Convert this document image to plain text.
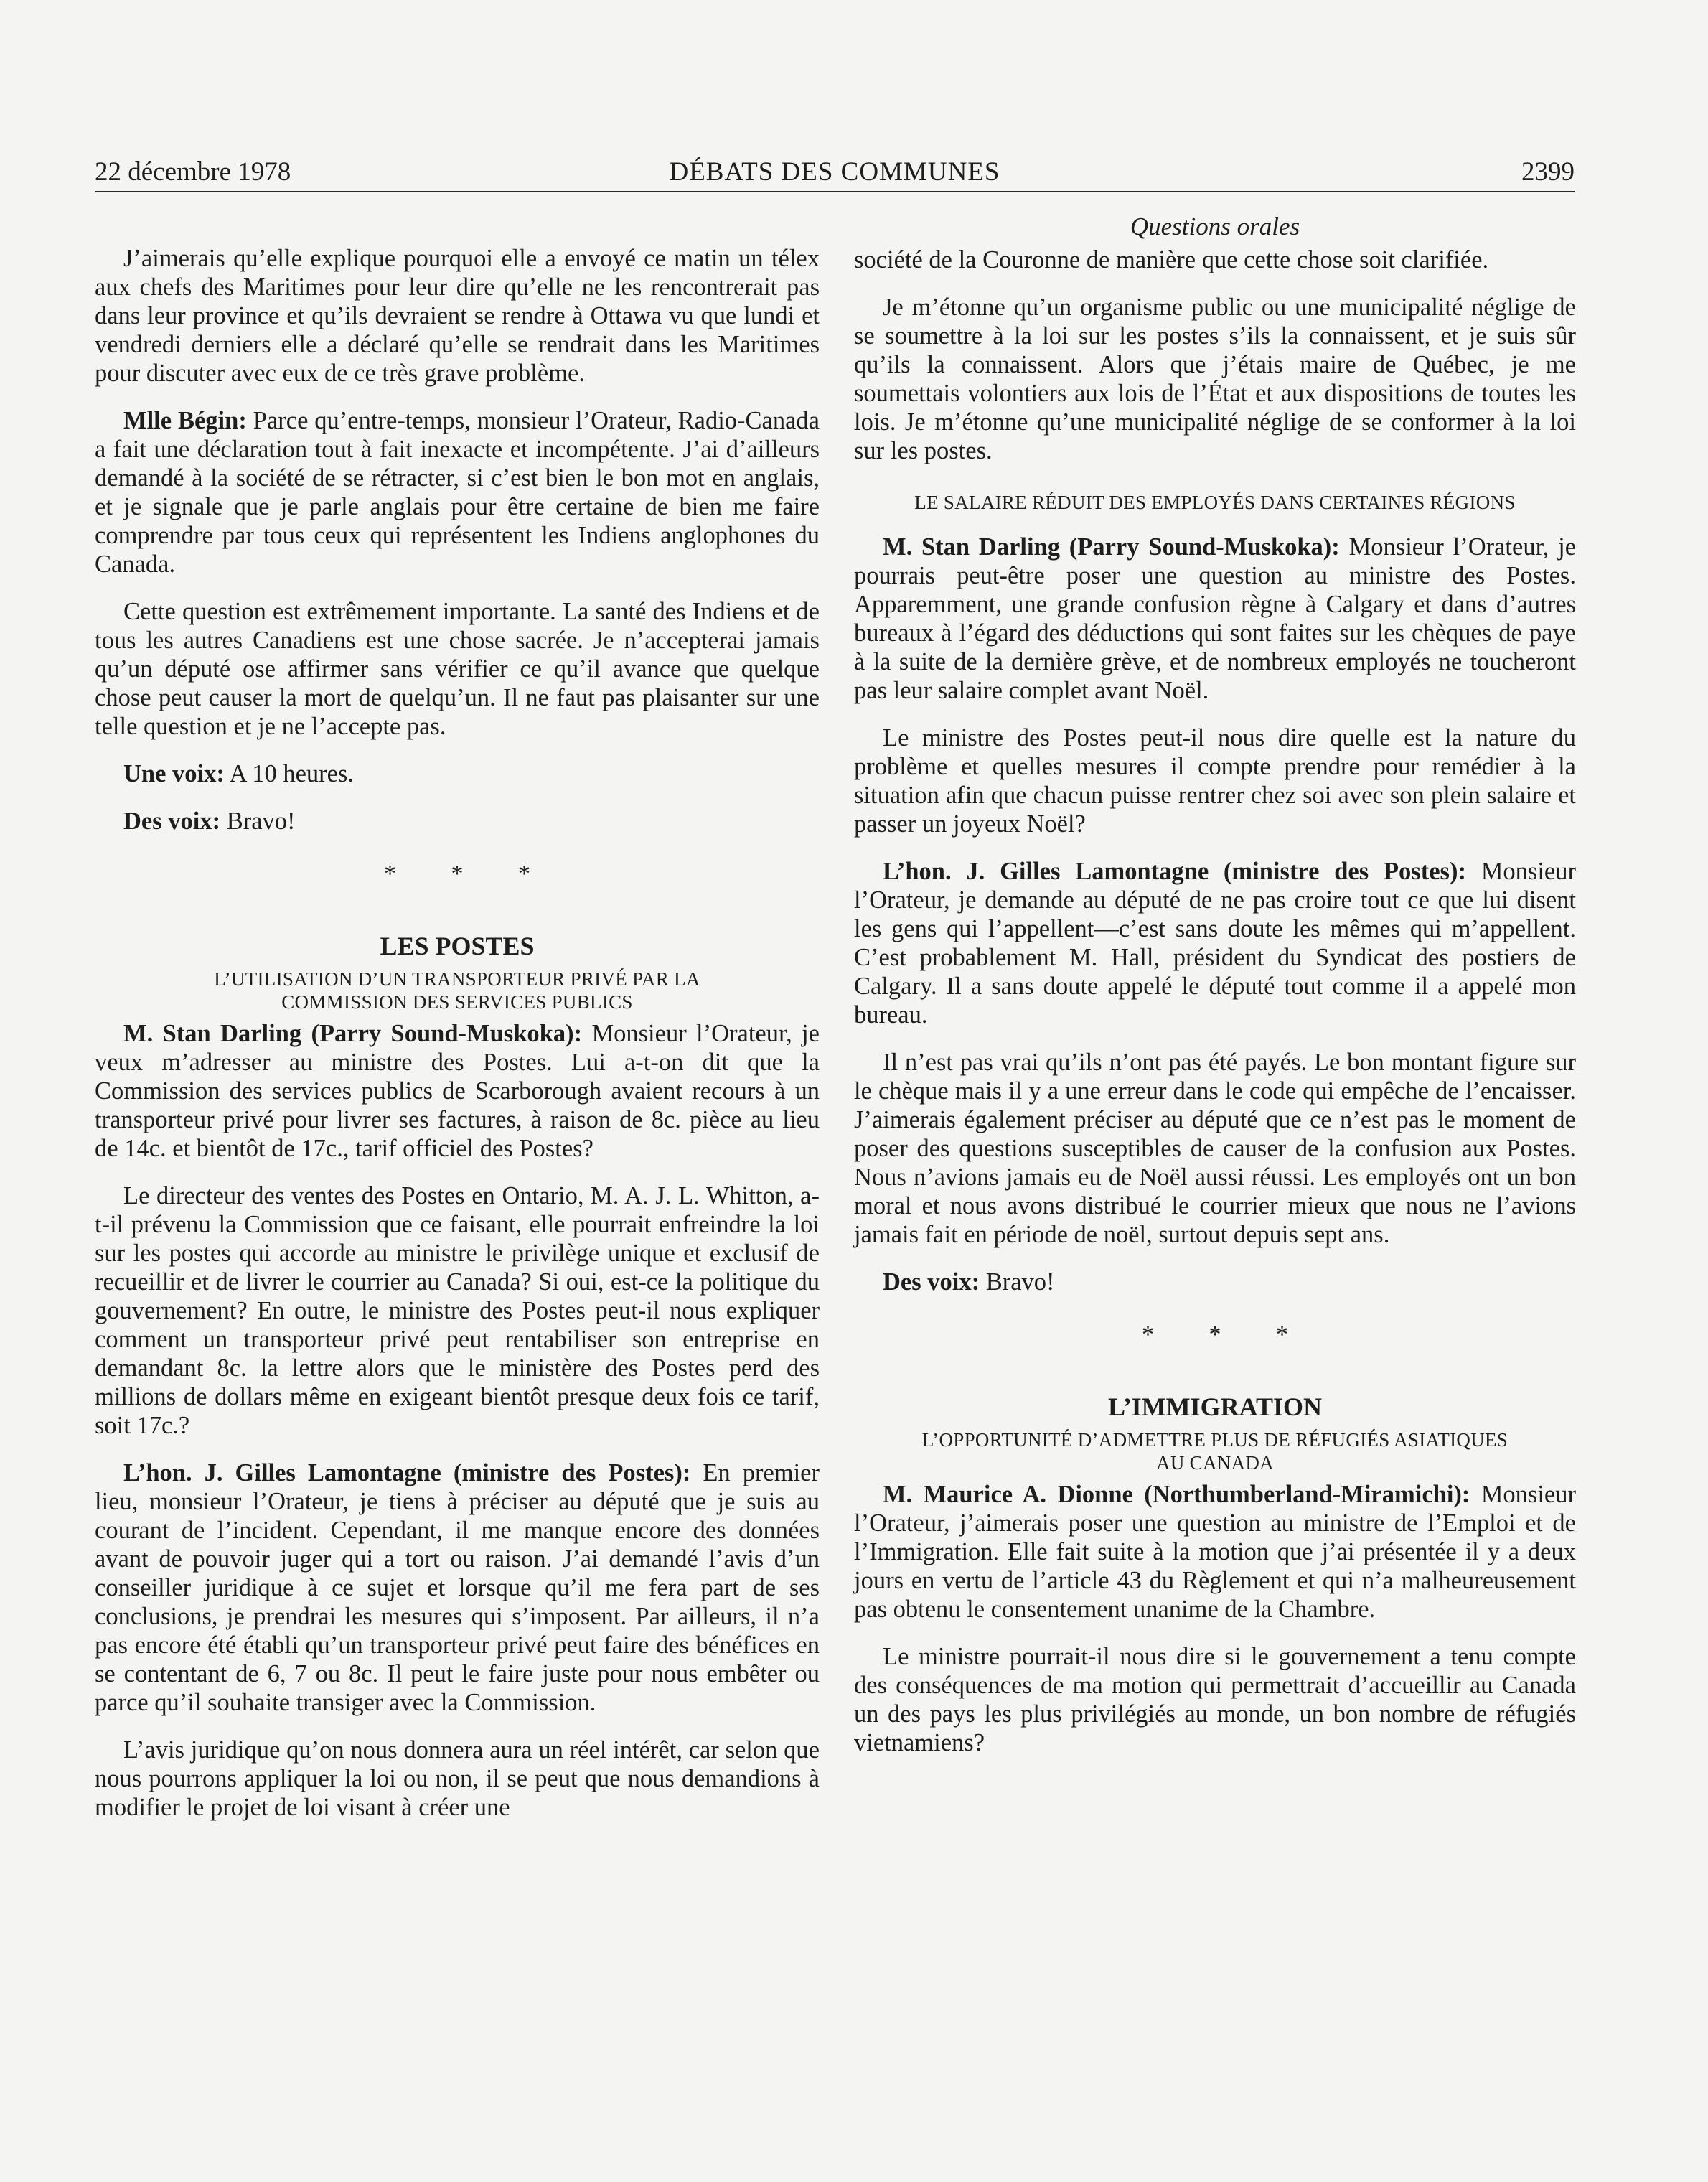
22 décembre 1978	DÉBATS DES COMMUNES	2399

J’aimerais qu’elle explique pourquoi elle a envoyé ce matin un télex aux chefs des Maritimes pour leur dire qu’elle ne les rencontrerait pas dans leur province et qu’ils devraient se rendre à Ottawa vu que lundi et vendredi derniers elle a déclaré qu’elle se rendrait dans les Maritimes pour discuter avec eux de ce très grave problème.

Mlle Bégin: Parce qu’entre-temps, monsieur l’Orateur, Radio-Canada a fait une déclaration tout à fait inexacte et incompétente. J’ai d’ailleurs demandé à la société de se rétracter, si c’est bien le bon mot en anglais, et je signale que je parle anglais pour être certaine de bien me faire comprendre par tous ceux qui représentent les Indiens anglophones du Canada.

Cette question est extrêmement importante. La santé des Indiens et de tous les autres Canadiens est une chose sacrée. Je n’accepterai jamais qu’un député ose affirmer sans vérifier ce qu’il avance que quelque chose peut causer la mort de quelqu’un. Il ne faut pas plaisanter sur une telle question et je ne l’accepte pas.

Une voix: A 10 heures.

Des voix: Bravo!

* * *
LES POSTES
L’UTILISATION D’UN TRANSPORTEUR PRIVÉ PAR LA
COMMISSION DES SERVICES PUBLICS

M. Stan Darling (Parry Sound-Muskoka): Monsieur l’Orateur, je veux m’adresser au ministre des Postes. Lui a-t-on dit que la Commission des services publics de Scarborough avaient recours à un transporteur privé pour livrer ses factures, à raison de 8c. pièce au lieu de 14c. et bientôt de 17c., tarif officiel des Postes?

Le directeur des ventes des Postes en Ontario, M. A. J. L. Whitton, a-t-il prévenu la Commission que ce faisant, elle pourrait enfreindre la loi sur les postes qui accorde au ministre le privilège unique et exclusif de recueillir et de livrer le courrier au Canada? Si oui, est-ce la politique du gouvernement? En outre, le ministre des Postes peut-il nous expliquer comment un transporteur privé peut rentabiliser son entreprise en demandant 8c. la lettre alors que le ministère des Postes perd des millions de dollars même en exigeant bientôt presque deux fois ce tarif, soit 17c.?

L’hon. J. Gilles Lamontagne (ministre des Postes): En premier lieu, monsieur l’Orateur, je tiens à préciser au député que je suis au courant de l’incident. Cependant, il me manque encore des données avant de pouvoir juger qui a tort ou raison. J’ai demandé l’avis d’un conseiller juridique à ce sujet et lorsque qu’il me fera part de ses conclusions, je prendrai les mesures qui s’imposent. Par ailleurs, il n’a pas encore été établi qu’un transporteur privé peut faire des bénéfices en se contentant de 6, 7 ou 8c. Il peut le faire juste pour nous embêter ou parce qu’il souhaite transiger avec la Commission.

L’avis juridique qu’on nous donnera aura un réel intérêt, car selon que nous pourrons appliquer la loi ou non, il se peut que nous demandions à modifier le projet de loi visant à créer une

Questions orales

société de la Couronne de manière que cette chose soit clarifiée.

Je m’étonne qu’un organisme public ou une municipalité néglige de se soumettre à la loi sur les postes s’ils la connaissent, et je suis sûr qu’ils la connaissent. Alors que j’étais maire de Québec, je me soumettais volontiers aux lois de l’État et aux dispositions de toutes les lois. Je m’étonne qu’une municipalité néglige de se conformer à la loi sur les postes.

LE SALAIRE RÉDUIT DES EMPLOYÉS DANS CERTAINES RÉGIONS

M. Stan Darling (Parry Sound-Muskoka): Monsieur l’Orateur, je pourrais peut-être poser une question au ministre des Postes. Apparemment, une grande confusion règne à Calgary et dans d’autres bureaux à l’égard des déductions qui sont faites sur les chèques de paye à la suite de la dernière grève, et de nombreux employés ne toucheront pas leur salaire complet avant Noël.

Le ministre des Postes peut-il nous dire quelle est la nature du problème et quelles mesures il compte prendre pour remédier à la situation afin que chacun puisse rentrer chez soi avec son plein salaire et passer un joyeux Noël?

L’hon. J. Gilles Lamontagne (ministre des Postes): Monsieur l’Orateur, je demande au député de ne pas croire tout ce que lui disent les gens qui l’appellent—c’est sans doute les mêmes qui m’appellent. C’est probablement M. Hall, président du Syndicat des postiers de Calgary. Il a sans doute appelé le député tout comme il a appelé mon bureau.

Il n’est pas vrai qu’ils n’ont pas été payés. Le bon montant figure sur le chèque mais il y a une erreur dans le code qui empêche de l’encaisser. J’aimerais également préciser au député que ce n’est pas le moment de poser des questions susceptibles de causer de la confusion aux Postes. Nous n’avions jamais eu de Noël aussi réussi. Les employés ont un bon moral et nous avons distribué le courrier mieux que nous ne l’avions jamais fait en période de noël, surtout depuis sept ans.

Des voix: Bravo!

* * *
L’IMMIGRATION
L’OPPORTUNITÉ D’ADMETTRE PLUS DE RÉFUGIÉS ASIATIQUES
AU CANADA

M. Maurice A. Dionne (Northumberland-Miramichi): Monsieur l’Orateur, j’aimerais poser une question au ministre de l’Emploi et de l’Immigration. Elle fait suite à la motion que j’ai présentée il y a deux jours en vertu de l’article 43 du Règlement et qui n’a malheureusement pas obtenu le consentement unanime de la Chambre.

Le ministre pourrait-il nous dire si le gouvernement a tenu compte des conséquences de ma motion qui permettrait d’accueillir au Canada un des pays les plus privilégiés au monde, un bon nombre de réfugiés vietnamiens?
